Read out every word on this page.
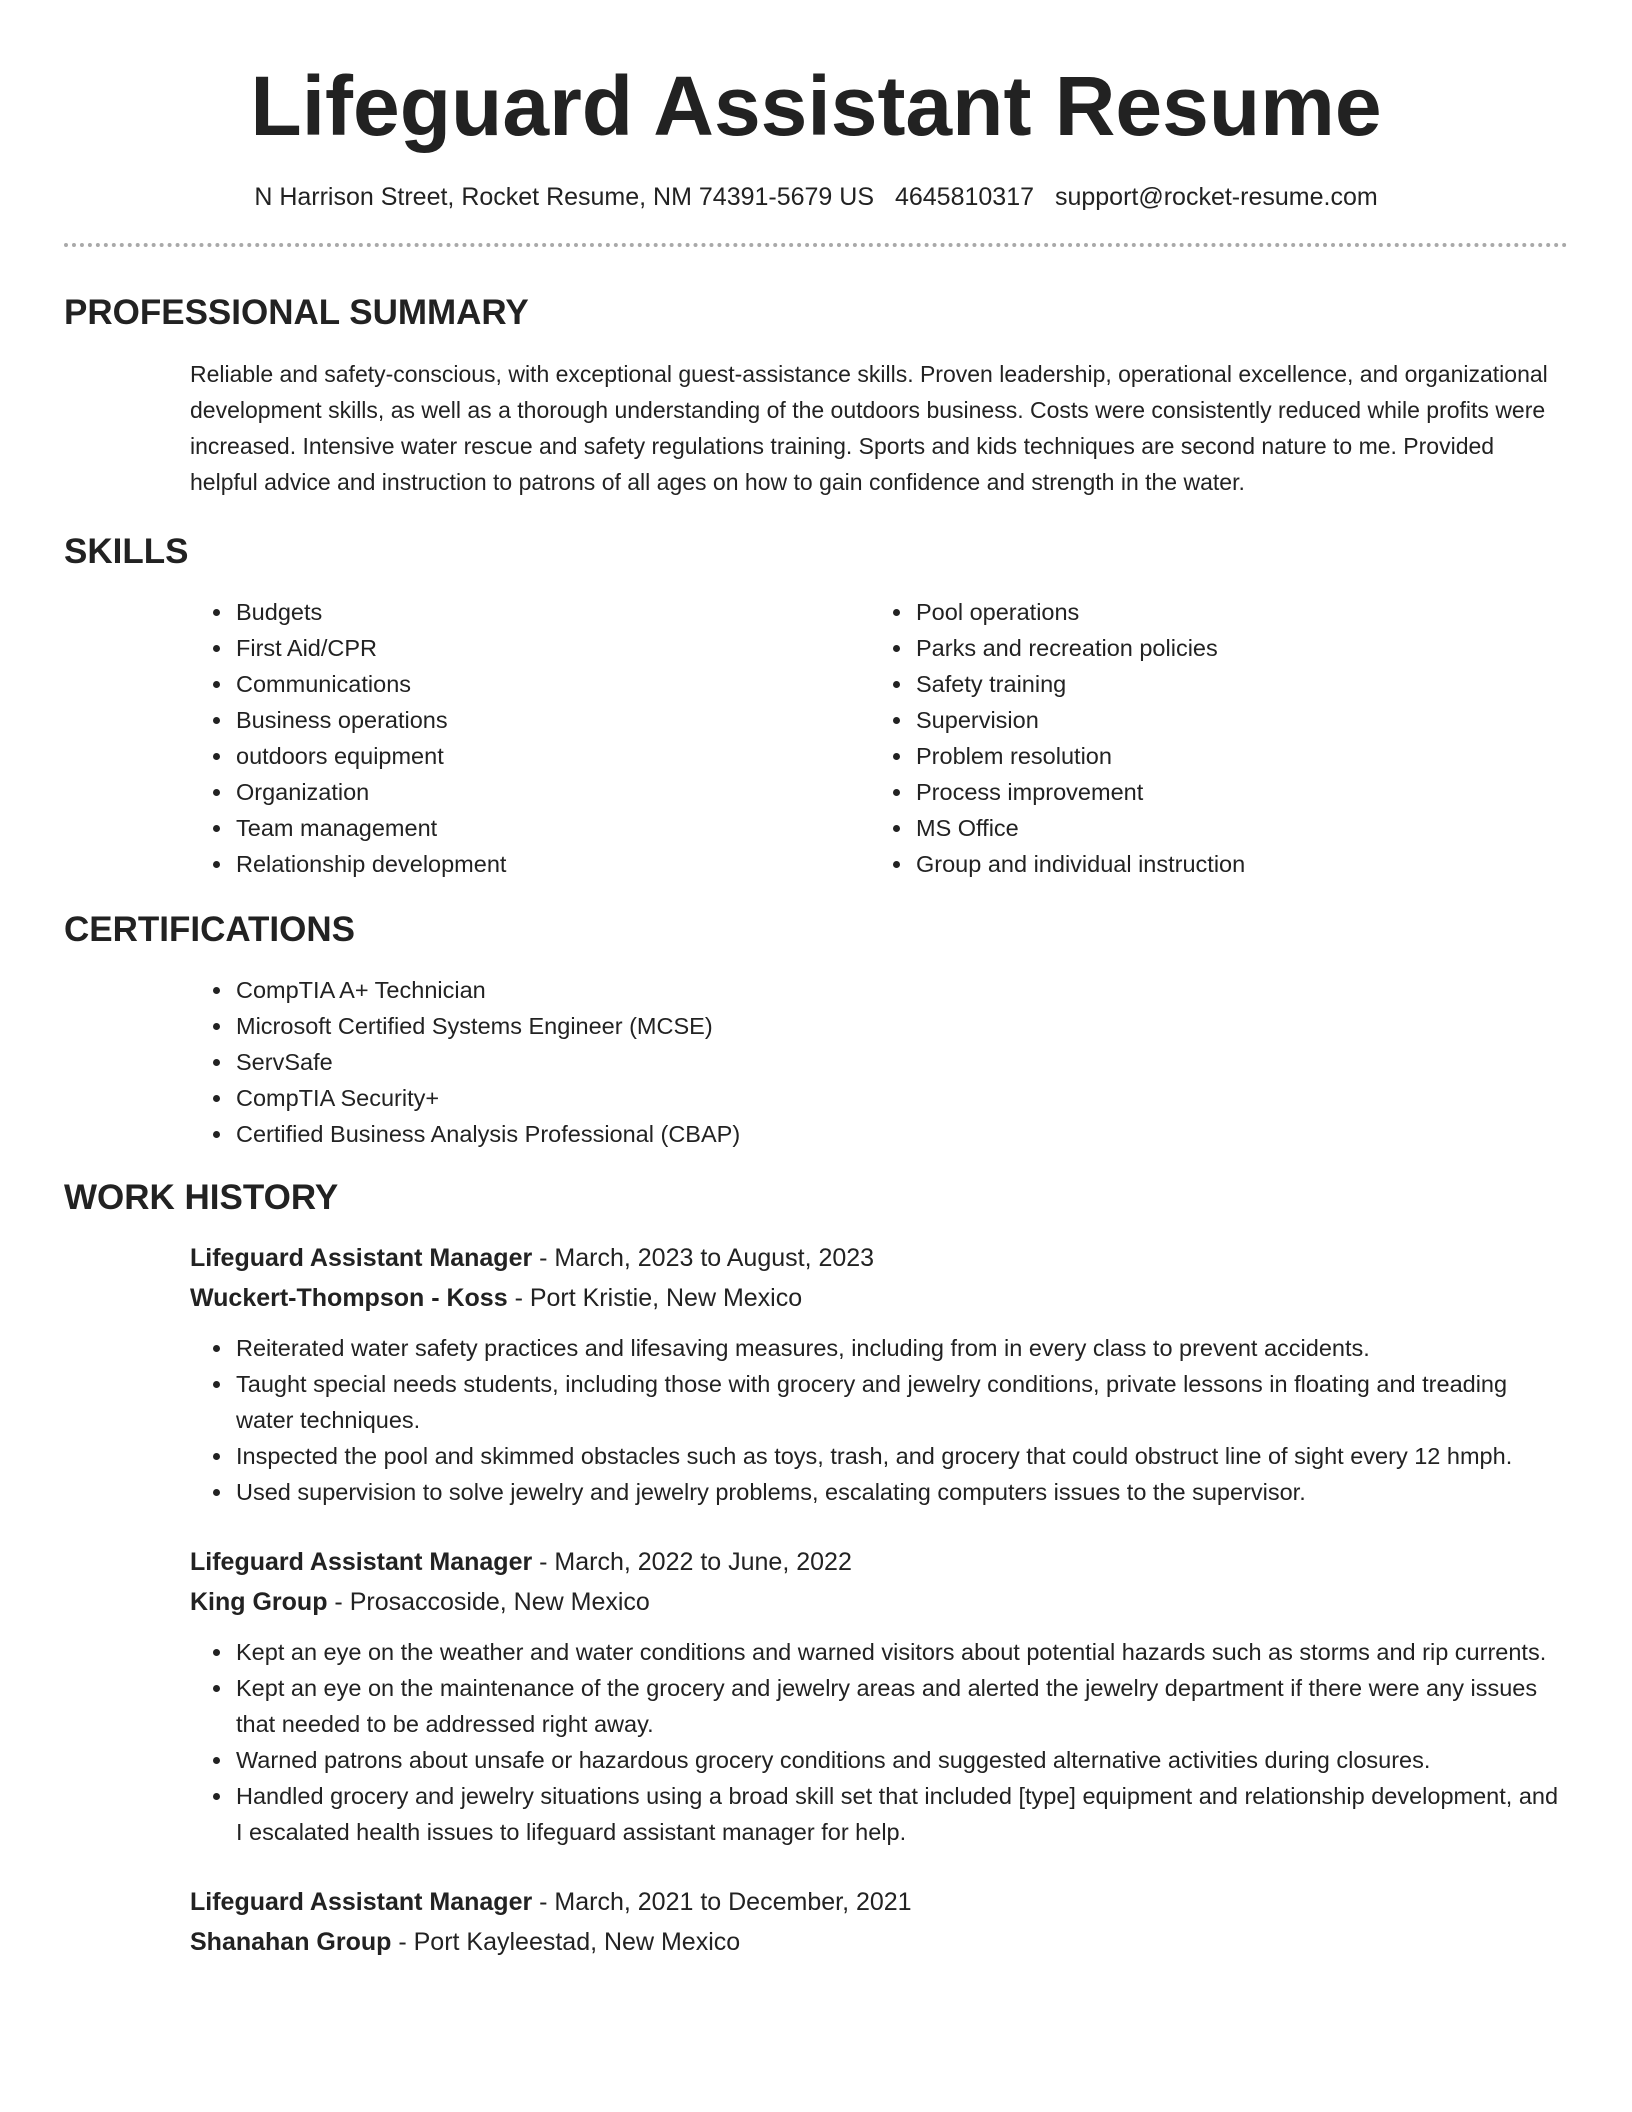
Lifeguard Assistant Resume
N Harrison Street, Rocket Resume, NM 74391-5679 US 4645810317 support@rocket-resume.com
PROFESSIONAL SUMMARY

Reliable and safety-conscious, with exceptional guest-assistance skills. Proven leadership, operational excellence, and organizational development skills, as well as a thorough understanding of the outdoors business. Costs were consistently reduced while profits were increased. Intensive water rescue and safety regulations training. Sports and kids techniques are second nature to me. Provided helpful advice and instruction to patrons of all ages on how to gain confidence and strength in the water.

SKILLS
• Budgets
• First Aid/CPR
• Communications
• Business operations
• outdoors equipment
• Organization
• Team management
• Relationship development
• Pool operations
• Parks and recreation policies
• Safety training
• Supervision
• Problem resolution
• Process improvement
• MS Office
• Group and individual instruction
CERTIFICATIONS
• CompTIA A+ Technician
• Microsoft Certified Systems Engineer (MCSE)
• ServSafe
• CompTIA Security+
• Certified Business Analysis Professional (CBAP)
WORK HISTORY
Lifeguard Assistant Manager - March, 2023 to August, 2023
Wuckert-Thompson - Koss - Port Kristie, New Mexico
• Reiterated water safety practices and lifesaving measures, including from in every class to prevent accidents.
• Taught special needs students, including those with grocery and jewelry conditions, private lessons in floating and treading water techniques.
• Inspected the pool and skimmed obstacles such as toys, trash, and grocery that could obstruct line of sight every 12 hmph.
• Used supervision to solve jewelry and jewelry problems, escalating computers issues to the supervisor.
Lifeguard Assistant Manager - March, 2022 to June, 2022
King Group - Prosaccoside, New Mexico
• Kept an eye on the weather and water conditions and warned visitors about potential hazards such as storms and rip currents.
• Kept an eye on the maintenance of the grocery and jewelry areas and alerted the jewelry department if there were any issues that needed to be addressed right away.
• Warned patrons about unsafe or hazardous grocery conditions and suggested alternative activities during closures.
• Handled grocery and jewelry situations using a broad skill set that included [type] equipment and relationship development, and I escalated health issues to lifeguard assistant manager for help.
Lifeguard Assistant Manager - March, 2021 to December, 2021
Shanahan Group - Port Kayleestad, New Mexico
